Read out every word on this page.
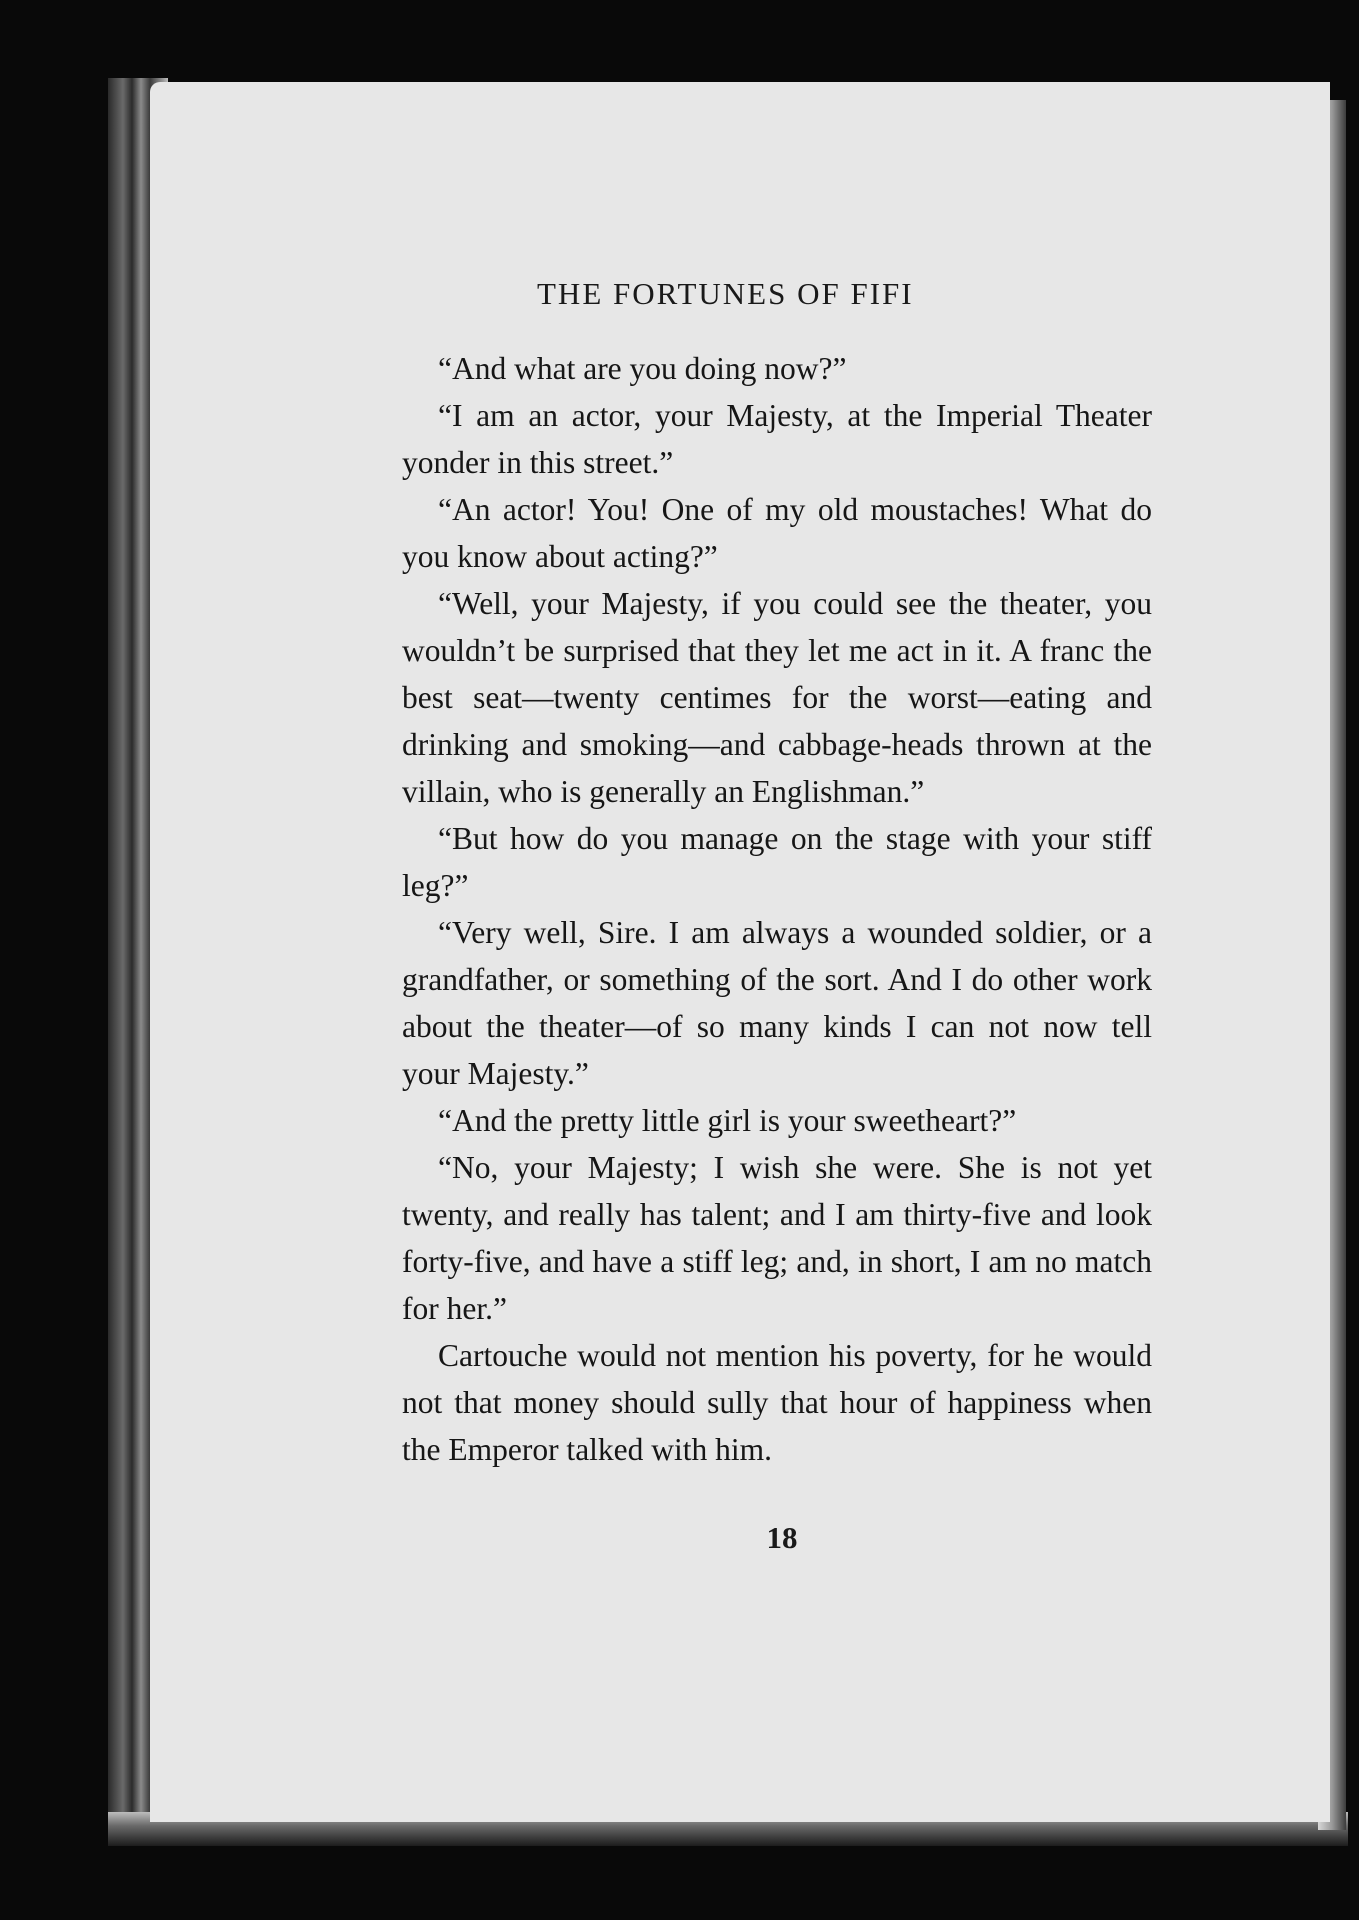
THE FORTUNES OF FIFI

“And what are you doing now?”

“I am an actor, your Majesty, at the Imperial Theater yonder in this street.”

“An actor! You! One of my old moustaches! What do you know about acting?”

“Well, your Majesty, if you could see the theater, you wouldn’t be surprised that they let me act in it. A franc the best seat—twenty centimes for the worst—eating and drinking and smoking—and cabbage-heads thrown at the villain, who is generally an Englishman.”

“But how do you manage on the stage with your stiff leg?”

“Very well, Sire. I am always a wounded soldier, or a grandfather, or something of the sort. And I do other work about the theater—of so many kinds I can not now tell your Majesty.”

“And the pretty little girl is your sweetheart?”

“No, your Majesty; I wish she were. She is not yet twenty, and really has talent; and I am thirty-five and look forty-five, and have a stiff leg; and, in short, I am no match for her.”

Cartouche would not mention his poverty, for he would not that money should sully that hour of happiness when the Emperor talked with him.

18
